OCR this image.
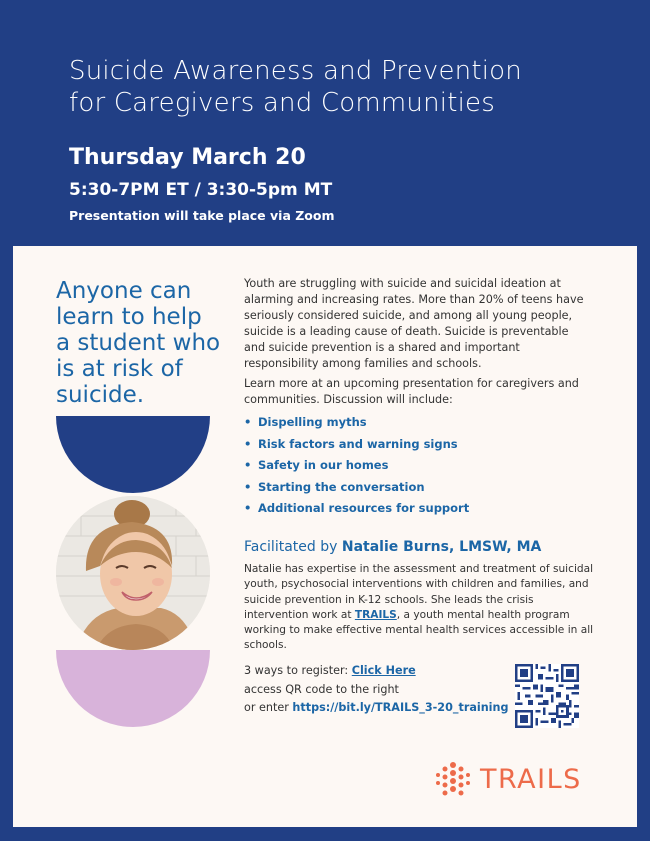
Suicide Awareness and Prevention
for Caregivers and Communities
Thursday March 20
5:30-7PM ET / 3:30-5pm MT
Presentation will take place via Zoom
Anyone can learn to help a student who is at risk of suicide.

Youth are struggling with suicide and suicidal ideation at alarming and increasing rates. More than 20% of teens have seriously considered suicide, and among all young people, suicide is a leading cause of death. Suicide is preventable and suicide prevention is a shared and important responsibility among families and schools.

Learn more at an upcoming presentation for caregivers and communities. Discussion will include:

• Dispelling myths
• Risk factors and warning signs
• Safety in our homes
• Starting the conversation
• Additional resources for support
Facilitated by Natalie Burns, LMSW, MA
Natalie has expertise in the assessment and treatment of suicidal youth, psychosocial interventions with children and families, and suicide prevention in K-12 schools. She leads the crisis intervention work at TRAILS, a youth mental health program working to make effective mental health services accessible in all schools.
3 ways to register: Click Here
access QR code to the right
or enter https://bit.ly/TRAILS_3-20_training
TRAILS
